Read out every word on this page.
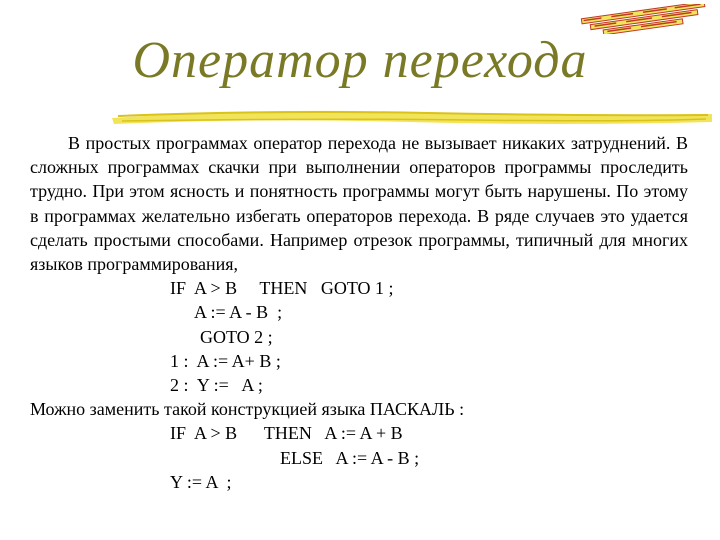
Оператор перехода

В простых программах оператор перехода не вызывает никаких затруднений. В сложных программах скачки при выполнении операторов программы проследить трудно. При этом ясность и понятность программы могут быть нарушены. По этому в программах желательно избегать операторов перехода. В ряде случаев это удается сделать простыми способами. Например отрезок программы, типичный для многих языков программирования,

IF  A > B     THEN   GOTO 1 ;

A := A - B  ;

GOTO 2 ;

1 :  A := A+ B ;

2 :  Y :=   A ;

Можно заменить такой конструкцией языка ПАСКАЛЬ :

IF  A > B      THEN   A := A + B

ELSE   A := A - B ;

Y := A  ;
